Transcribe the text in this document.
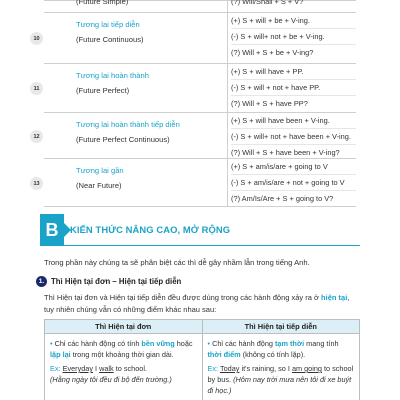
(Future Simple)	(?) Will/Shall + S + V?
10
Tương lai tiếp diễn
(Future Continuous)
(+) S + will + be + V-ing.
(-) S + will+ not + be + V-ing.
(?) Will + S + be + V-ing?
11
Tương lai hoàn thành
(Future Perfect)
(+) S + will have + PP.
(-) S + will + not + have PP.
(?) Will + S + have PP?
12
Tương lai hoàn thành tiếp diễn
(Future Perfect Continuous)
(+) S + will have been + V-ing.
(-) S + will+ not + have been + V-ing.
(?) Will + S + have been + V-ing?
13
Tương lai gần
(Near Future)
(+) S + am/is/are + going to V
(-) S + am/is/are + not + going to V
(?) Am/Is/Are + S + going to V?
B	KIẾN THỨC NÂNG CAO, MỞ RỘNG
Trong phần này chúng ta sẽ phân biệt các thì dễ gây nhầm lẫn trong tiếng Anh.
1. Thì Hiện tại đơn – Hiện tại tiếp diễn
Thì Hiện tại đơn và Hiện tại tiếp diễn đều được dùng trong các hành động xảy ra ở hiện tại, tuy nhiên chúng vẫn có những điểm khác nhau sau:
Thì Hiện tại đơn	Thì Hiện tại tiếp diễn
• Chỉ các hành động có tính bền vững hoặc lặp lại trong một khoảng thời gian dài.
Ex: Everyday I walk to school.
(Hằng ngày tôi đều đi bộ đến trường.)
• Chỉ các hành động tạm thời mang tính thời điểm (không có tính lặp).
Ex: Today it's raining, so I am going to school by bus. (Hôm nay trời mưa nên tôi đi xe buýt đi học.)
